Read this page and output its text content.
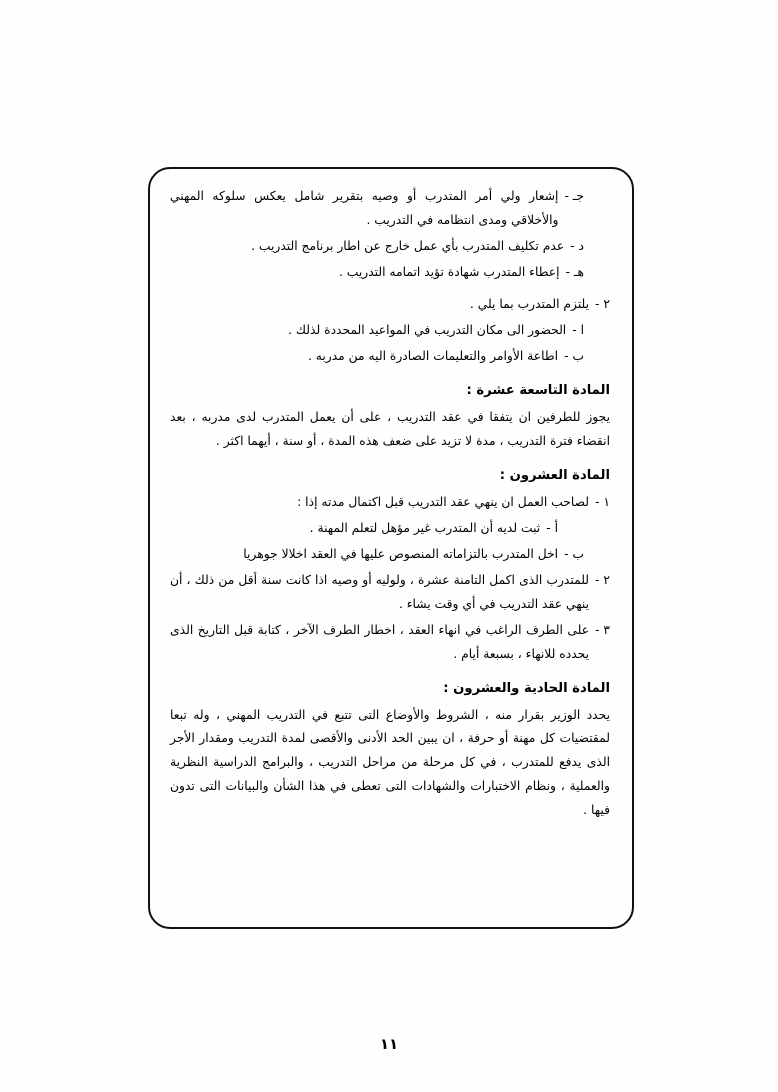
جـ -
إشعار ولي أمر المتدرب أو وصيه بتقرير شامل يعكس سلوكه المهني والأخلاقي ومدى انتظامه في التدريب .
د -
عدم تكليف المتدرب بأي عمل خارج عن اطار برنامج التدريب .
هـ -
إعطاء المتدرب شهادة تؤيد اتمامه التدريب .
٢ -
يلتزم المتدرب بما يلي .
ا -
الحضور الى مكان التدريب في المواعيد المحددة لذلك .
ب -
اطاعة الأوامر والتعليمات الصادرة اليه من مدربه .
المادة التاسعة عشرة :

يجوز للطرفين ان يتفقا في عقد التدريب ، على أن يعمل المتدرب لدى مدربه ، بعد انقضاء فترة التدريب ، مدة لا تزيد على ضعف هذه المدة ، أو سنة ، أيهما اكثر .

المادة العشرون :
١ -
لصاحب العمل ان ينهي عقد التدريب قبل اكتمال مدته إذا :
أ -
ثبت لديه أن المتدرب غير مؤهل لتعلم المهنة .
ب -
اخل المتدرب بالتزاماته المنصوص عليها في العقد اخلالا جوهريا
٢ -
للمتدرب الذى اكمل التامنة عشرة ، ولوليه أو وصيه اذا كانت سنة أقل من ذلك ، أن ينهي عقد التدريب في أي وقت يشاء .
٣ -
على الطرف الراغب في انهاء العقد ، اخطار الطرف الآخر ، كتابة قبل التاريخ الذى يحدده للانهاء ، بسبعة أيام .
المادة الحادية والعشرون :

يحدد الوزير بقرار منه ، الشروط والأوضاع التى تتبع في التدريب المهني ، وله تبعا لمقتضيات كل مهنة أو حرفة ، ان يبين الحد الأدنى والأقصى لمدة التدريب ومقدار الأجر الذى يدفع للمتدرب ، في كل مرحلة من مراحل التدريب ، والبرامج الدراسية النظرية والعملية ، ونظام الاختبارات والشهادات التى تعطى في هذا الشأن والبيانات التى تدون فيها .

١١
